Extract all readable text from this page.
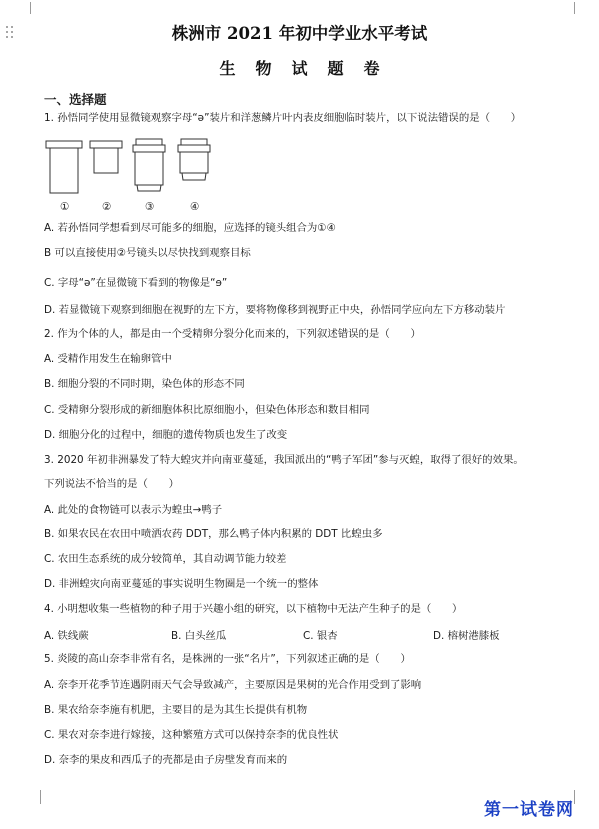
株洲市 2021 年初中学业水平考试
生物试题卷
一、选择题
1. 孙悟同学使用显微镜观察字母“ə”装片和洋葱鳞片叶内表皮细胞临时装片，以下说法错误的是（　　）
①	②	③	④
A. 若孙悟同学想看到尽可能多的细胞，应选择的镜头组合为①④
B 可以直接使用②号镜头以尽快找到观察目标
C. 字母“ə”在显微镜下看到的物像是“ɘ”
D. 若显微镜下观察到细胞在视野的左下方，要将物像移到视野正中央，孙悟同学应向左下方移动装片
2. 作为个体的人，都是由一个受精卵分裂分化而来的，下列叙述错误的是（　　）
A. 受精作用发生在输卵管中
B. 细胞分裂的不同时期，染色体的形态不同
C. 受精卵分裂形成的新细胞体积比原细胞小，但染色体形态和数目相同
D. 细胞分化的过程中，细胞的遗传物质也发生了改变
3. 2020 年初非洲暴发了特大蝗灾并向南亚蔓延，我国派出的“鸭子军团”参与灭蝗，取得了很好的效果。
下列说法不恰当的是（　　）
A. 此处的食物链可以表示为蝗虫→鸭子
B. 如果农民在农田中喷洒农药 DDT，那么鸭子体内积累的 DDT 比蝗虫多
C. 农田生态系统的成分较简单，其自动调节能力较差
D. 非洲蝗灾向南亚蔓延的事实说明生物圈是一个统一的整体
4. 小明想收集一些植物的种子用于兴趣小组的研究，以下植物中无法产生种子的是（　　）
A. 铁线蕨	B. 白头丝瓜	C. 银杏	D. 榕树港膝板
5. 炎陵的高山奈李非常有名，是株洲的一张“名片”，下列叙述正确的是（　　）
A. 奈李开花季节连遇阴雨天气会导致减产，主要原因是果树的光合作用受到了影响
B. 果农给奈李施有机肥，主要目的是为其生长提供有机物
C. 果农对奈李进行嫁接，这种繁殖方式可以保持奈李的优良性状
D. 奈李的果皮和西瓜子的壳都是由子房壁发育而来的
第一试卷网
